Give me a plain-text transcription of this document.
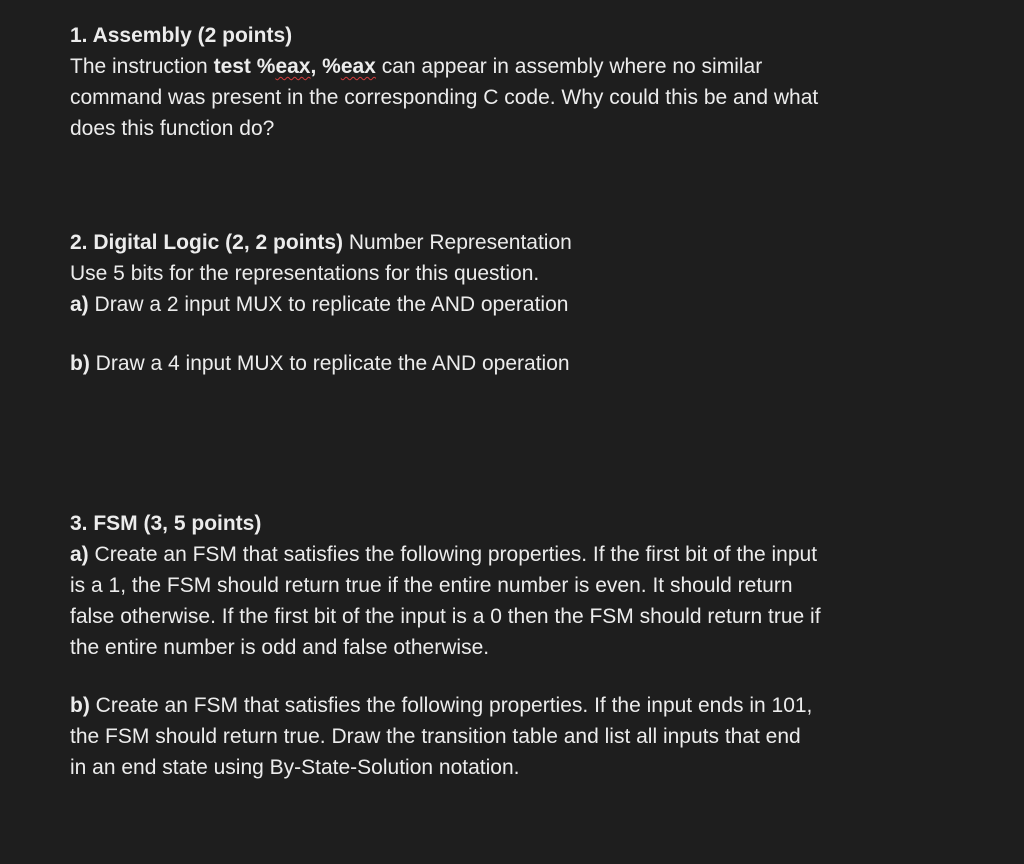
1. Assembly (2 points)
The instruction test %eax, %eax can appear in assembly where no similar
command was present in the corresponding C code. Why could this be and what
does this function do?
2. Digital Logic (2, 2 points) Number Representation
Use 5 bits for the representations for this question.
a) Draw a 2 input MUX to replicate the AND operation
b) Draw a 4 input MUX to replicate the AND operation
3. FSM (3, 5 points)
a) Create an FSM that satisfies the following properties. If the first bit of the input
is a 1, the FSM should return true if the entire number is even. It should return
false otherwise. If the first bit of the input is a 0 then the FSM should return true if
the entire number is odd and false otherwise.
b) Create an FSM that satisfies the following properties. If the input ends in 101,
the FSM should return true. Draw the transition table and list all inputs that end
in an end state using By-State-Solution notation.
